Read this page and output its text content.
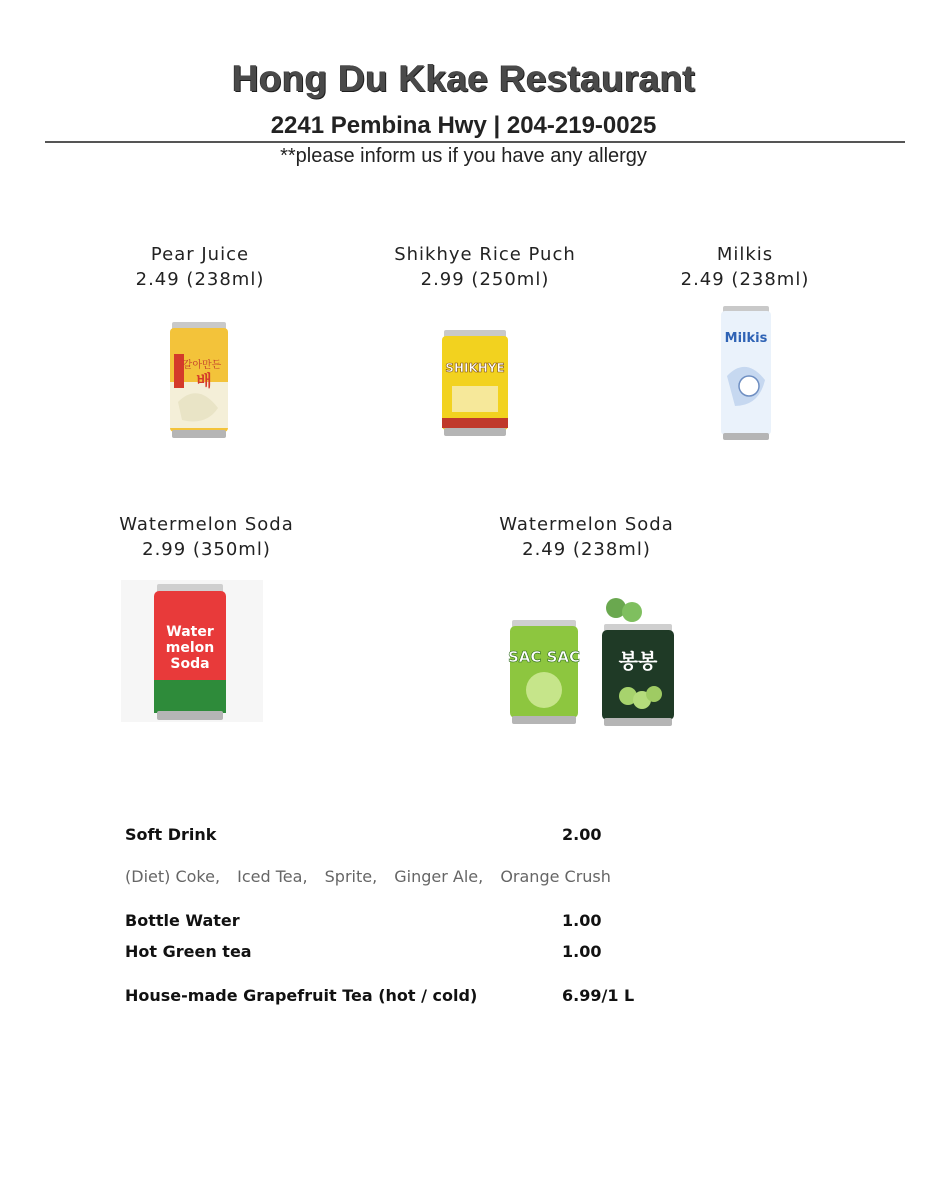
Hong Du Kkae Restaurant
2241 Pembina Hwy | 204-219-0025
**please inform us if you have any allergy
Pear Juice
2.49 (238ml)
갈아만든
배
Shikhye Rice Puch
2.99 (250ml)
SHIKHYE
Milkis
2.49 (238ml)
Milkis
Watermelon Soda
2.99 (350ml)
Water
melon
Soda
Watermelon Soda
2.49 (238ml)
SAC SAC 봉봉
Soft Drink	2.00
Bottle Water	1.00
Hot Green tea	1.00
House-made Grapefruit Tea (hot / cold)	6.99/1 L
(Diet) Coke, Iced Tea, Sprite, Ginger Ale, Orange Crush
